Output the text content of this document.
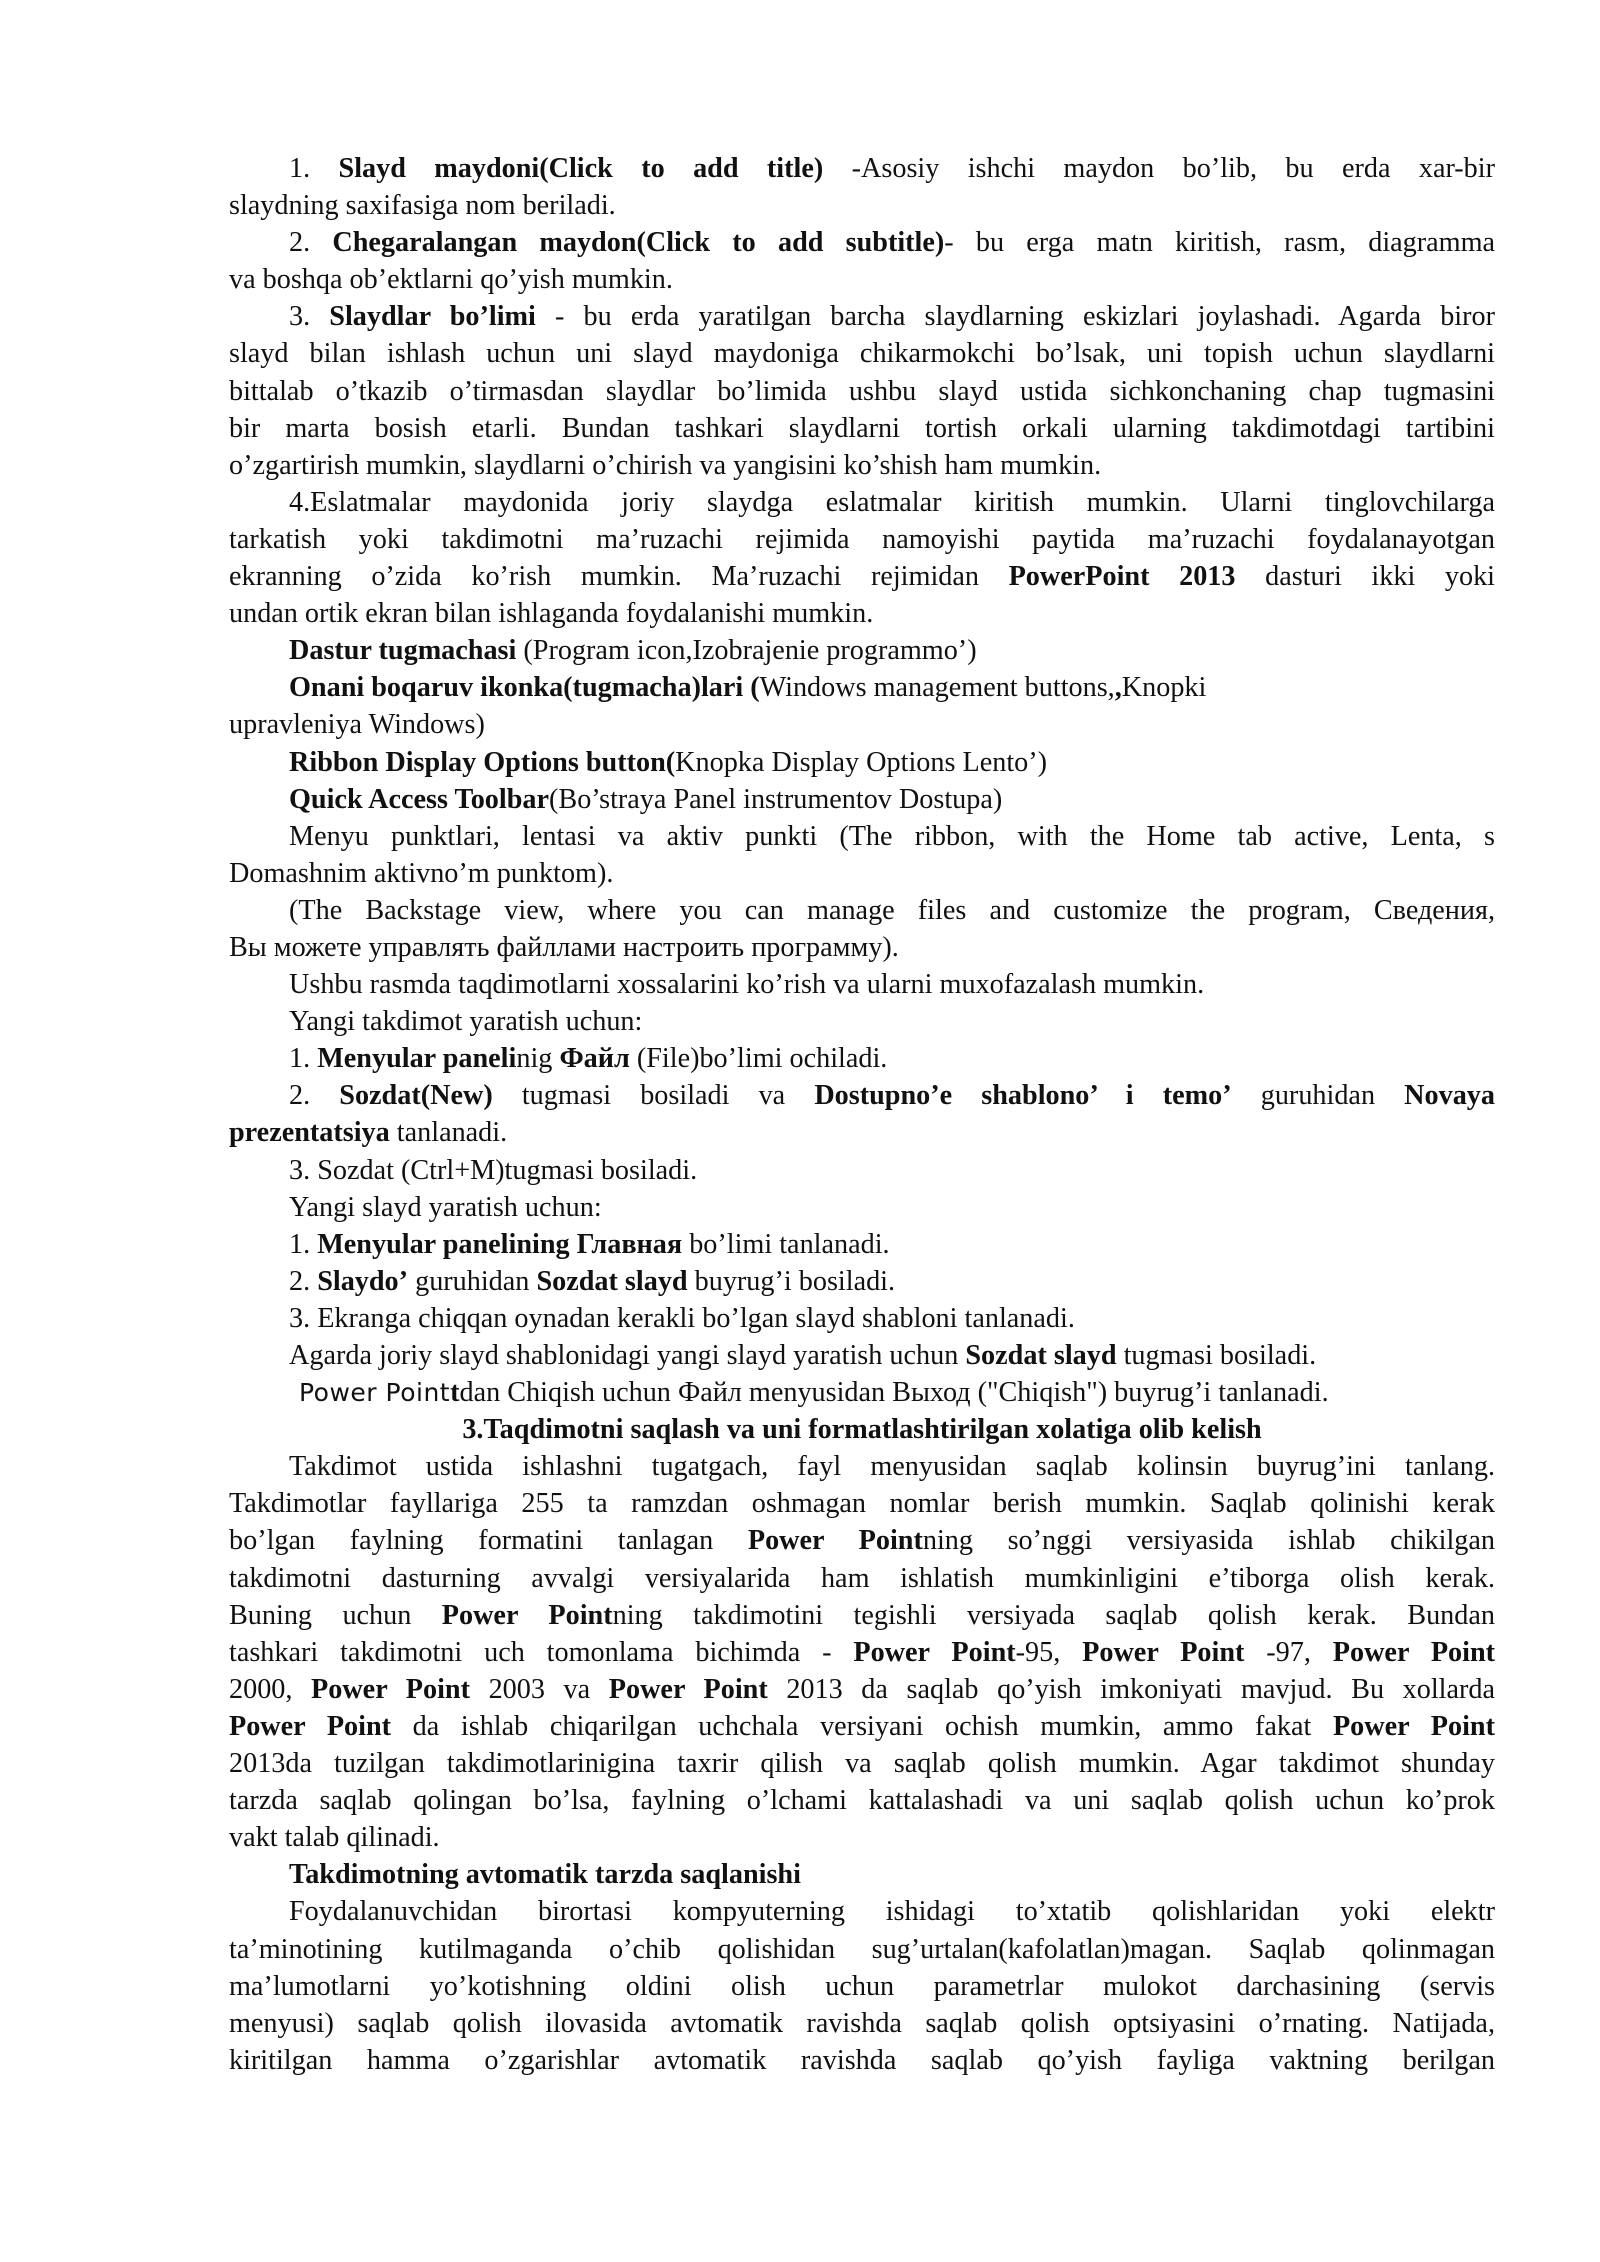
1. Slayd maydoni(Click to add title) -Asosiy ishchi maydon bo’lib, bu erda xar-bir
slaydning saxifasiga nom beriladi.
2. Chegaralangan maydon(Click to add subtitle)- bu erga matn kiritish, rasm, diagramma
va boshqa ob’ektlarni qo’yish mumkin.
3. Slaydlar bo’limi - bu erda yaratilgan barcha slaydlarning eskizlari joylashadi. Agarda biror
slayd bilan ishlash uchun uni slayd maydoniga chikarmokchi bo’lsak, uni topish uchun slaydlarni
bittalab o’tkazib o’tirmasdan slaydlar bo’limida ushbu slayd ustida sichkonchaning chap tugmasini
bir marta bosish etarli. Bundan tashkari slaydlarni tortish orkali ularning takdimotdagi tartibini
o’zgartirish mumkin, slaydlarni o’chirish va yangisini ko’shish ham mumkin.
4.Eslatmalar maydonida joriy slaydga eslatmalar kiritish mumkin. Ularni tinglovchilarga
tarkatish yoki takdimotni ma’ruzachi rejimida namoyishi paytida ma’ruzachi foydalanayotgan
ekranning o’zida ko’rish mumkin. Ma’ruzachi rejimidan PowerPoint 2013 dasturi ikki yoki
undan ortik ekran bilan ishlaganda foydalanishi mumkin.
Dastur tugmachasi (Program icon,Izobrajenie programmo’)
Onani boqaruv ikonka(tugmacha)lari (Windows management buttons,,Knopki
upravleniya Windows)
Ribbon Display Options button(Knopka Display Options Lento’)
Quick Access Toolbar(Bo’straya Panel instrumentov Dostupa)
Menyu punktlari, lentasi va aktiv punkti (The ribbon, with the Home tab active, Lenta, s
Domashnim aktivno’m punktom).
(The Backstage view, where you can manage files and customize the program, Сведения,
Вы можете управлять файллами настроить программу).
Ushbu rasmda taqdimotlarni xossalarini ko’rish va ularni muxofazalash mumkin.
Yangi takdimot yaratish uchun:
1. Menyular panelinig Файл (File)bo’limi ochiladi.
2. Sozdat(New) tugmasi bosiladi va Dostupno’e shablono’ i temo’ guruhidan Novaya
prezentatsiya tanlanadi.
3. Sozdat (Ctrl+M)tugmasi bosiladi.
Yangi slayd yaratish uchun:
1. Menyular panelining Главная bo’limi tanlanadi.
2. Slaydo’ guruhidan Sozdat slayd buyrug’i bosiladi.
3. Ekranga chiqqan oynadan kerakli bo’lgan slayd shabloni tanlanadi.
Agarda joriy slayd shablonidagi yangi slayd yaratish uchun Sozdat slayd tugmasi bosiladi.
Power Pointtdan Chiqish uchun Файл menyusidan Выход ("Chiqish") buyrug’i tanlanadi.
3.Taqdimotni saqlash va uni formatlashtirilgan xolatiga olib kelish
Takdimot ustida ishlashni tugatgach, fayl menyusidan saqlab kolinsin buyrug’ini tanlang.
Takdimotlar fayllariga 255 ta ramzdan oshmagan nomlar berish mumkin. Saqlab qolinishi kerak
bo’lgan faylning formatini tanlagan Power Pointning so’nggi versiyasida ishlab chikilgan
takdimotni dasturning avvalgi versiyalarida ham ishlatish mumkinligini e’tiborga olish kerak.
Buning uchun Power Pointning takdimotini tegishli versiyada saqlab qolish kerak. Bundan
tashkari takdimotni uch tomonlama bichimda - Power Point-95, Power Point -97, Power Point
2000, Power Point 2003 va Power Point 2013 da saqlab qo’yish imkoniyati mavjud. Bu xollarda
Power Point da ishlab chiqarilgan uchchala versiyani ochish mumkin, ammo fakat Power Point
2013da tuzilgan takdimotlarinigina taxrir qilish va saqlab qolish mumkin. Agar takdimot shunday
tarzda saqlab qolingan bo’lsa, faylning o’lchami kattalashadi va uni saqlab qolish uchun ko’prok
vakt talab qilinadi.
Takdimotning avtomatik tarzda saqlanishi
Foydalanuvchidan birortasi kompyuterning ishidagi to’xtatib qolishlaridan yoki elektr
ta’minotining kutilmaganda o’chib qolishidan sug’urtalan(kafolatlan)magan. Saqlab qolinmagan
ma’lumotlarni yo’kotishning oldini olish uchun parametrlar mulokot darchasining (servis
menyusi) saqlab qolish ilovasida avtomatik ravishda saqlab qolish optsiyasini o’rnating. Natijada,
kiritilgan hamma o’zgarishlar avtomatik ravishda saqlab qo’yish fayliga vaktning berilgan
